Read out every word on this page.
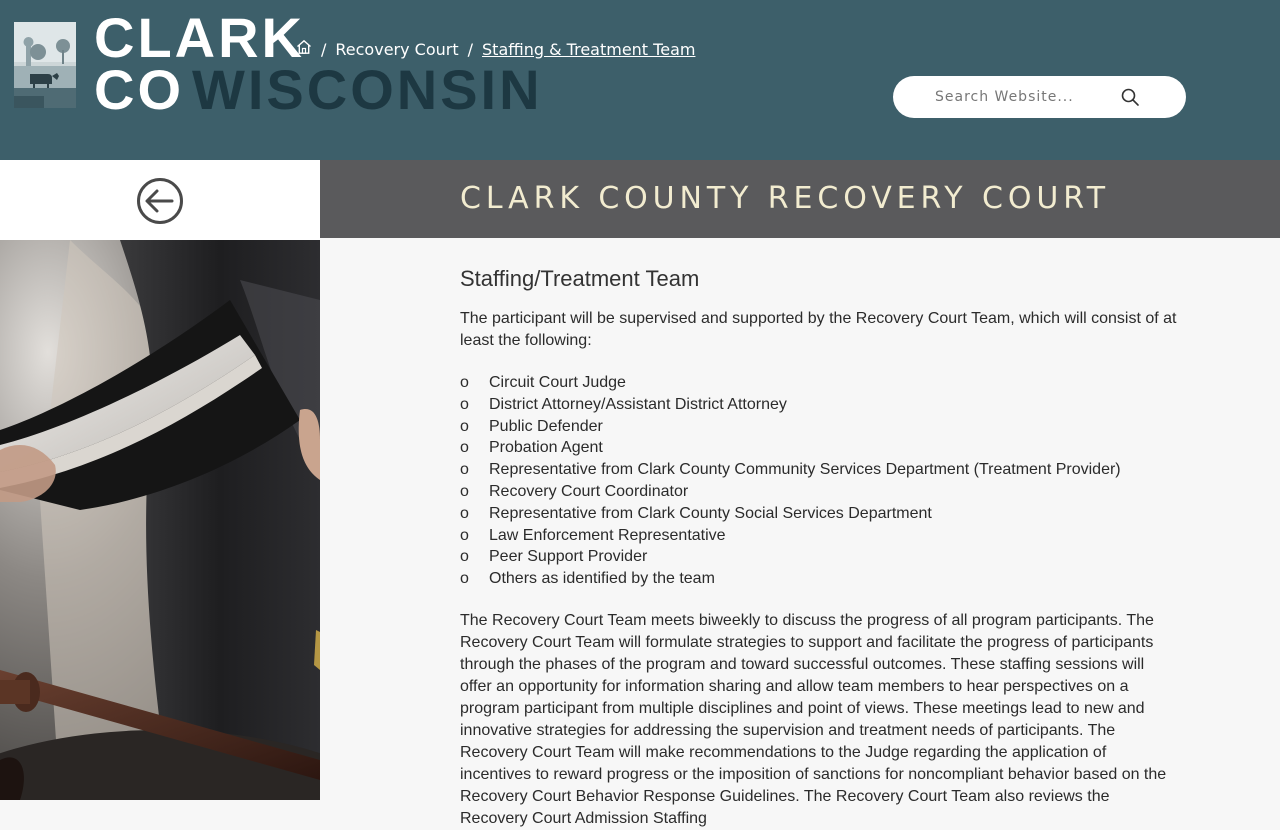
CLARK
CO WISCONSIN
/ Recovery Court / Staffing & Treatment Team
Search Website...
CLARK COUNTY RECOVERY COURT
Staffing/Treatment Team

The participant will be supervised and supported by the Recovery Court Team, which will consist of at least the following:

o Circuit Court Judge
o District Attorney/Assistant District Attorney
o Public Defender
o Probation Agent
o Representative from Clark County Community Services Department (Treatment Provider)
o Recovery Court Coordinator
o Representative from Clark County Social Services Department
o Law Enforcement Representative
o Peer Support Provider
o Others as identified by the team

The Recovery Court Team meets biweekly to discuss the progress of all program participants. The Recovery Court Team will formulate strategies to support and facilitate the progress of participants through the phases of the program and toward successful outcomes. These staffing sessions will offer an opportunity for information sharing and allow team members to hear perspectives on a program participant from multiple disciplines and point of views. These meetings lead to new and innovative strategies for addressing the supervision and treatment needs of participants. The Recovery Court Team will make recommendations to the Judge regarding the application of incentives to reward progress or the imposition of sanctions for noncompliant behavior based on the Recovery Court Behavior Response Guidelines. The Recovery Court Team also reviews the Recovery Court Admission Staffing
